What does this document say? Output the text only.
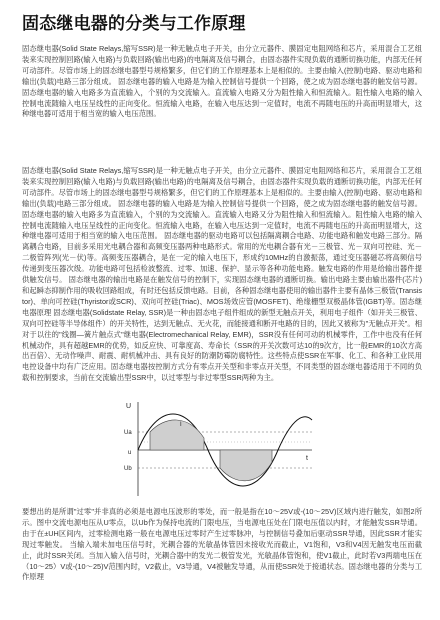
固态继电器的分类与工作原理
固态继电器(Solid State Relays,缩写SSR)是一种无触点电子开关，由分立元器件、膜固定电阻网络和芯片，采用混合工艺组装来实现控制回路(输入电路)与负载回路(输出电路)的电隔离及信号耦合，由固态器件实现负载的通断切换功能，内部无任何可动部件。尽管市场上的固态继电器型号规格繁多，但它们的工作原理基本上是相似的。主要由输入(控制)电路、驱动电路和输出(负载)电路三部分组成。 固态继电器的输入电路是为输入控制信号提供一个回路，使之成为固态继电器的触发信号源。固态继电器的输入电路多为直流输入，个别的为交流输入。直流输入电路又分为阻性输入和恒流输入。阻性输入电路的输入控制电流随输入电压呈线性的正向变化。恒流输入电路，在输入电压达到一定值时，电流不再随电压的升高而明显增大，这种继电器可适用于相当宽的输入电压范围。
固态继电器(Solid State Relays,缩写SSR)是一种无触点电子开关，由分立元器件、膜固定电阻网络和芯片，采用混合工艺组装来实现控制回路(输入电路)与负载回路(输出电路)的电隔离及信号耦合，由固态器件实现负载的通断切换功能，内部无任何可动部件。尽管市场上的固态继电器型号规格繁多，但它们的工作原理基本上是相似的。主要由输入(控制)电路、驱动电路和输出(负载)电路三部分组成。 固态继电器的输入电路是为输入控制信号提供一个回路，使之成为固态继电器的触发信号源。固态继电器的输入电路多为直流输入，个别的为交流输入。直流输入电路又分为阻性输入和恒流输入。阻性输入电路的输入控制电流随输入电压呈线性的正向变化。恒流输入电路，在输入电压达到一定值时，电流不再随电压的升高而明显增大，这种继电器可适用于相当宽的输入电压范围。 固态继电器的驱动电路可以包括隔离耦合电路、功能电路和触发电路三部分。隔离耦合电路，目前多采用光电耦合器和高频变压器两种电路形式。常用的光电耦合器有光－三极管、光－双向可控硅、光－二极管阵列(光－伏)等。高频变压器耦合，是在一定的输入电压下，形成约10MHz的自激振荡，通过变压器磁芯将高频信号传递到变压器次级。功能电路可包括检波整流、过零、加速、保护、显示等各种功能电路。触发电路的作用是给输出器件提供触发信号。 固态继电器的输出电路是在触发信号的控制下，实现固态继电器的通断切换。输出电路主要由输出器件(芯片)和起瞬态抑制作用的吸收回路组成，有时还包括反馈电路。目前，各种固态继电器使用的输出器件主要有晶体三极管(Transistor)、单向可控硅(Thyristor或SCR)、双向可控硅(Triac)、MOS场效应管(MOSFET)、绝缘栅型双极晶体管(IGBT)等。固态继电器原理 固态继电器(Solidstate Relay, SSR)是一种由固态电子组件组成的新型无触点开关，利用电子组件（如开关三极管、双向可控硅等半导体组件）的开关特性，达到无触点、无火花，而能接通和断开电路的目的，因此又被称为"无触点开关"。相对于以往的"线圈—簧片触点式"继电器(Electromechanical Relay, EMR)，SSR没有任何可动的机械零件，工作中也没有任何机械动作，具有超越EMR的优势，如反应快、可靠度高、寿命长（SSR的开关次数可达10的9次方，比一般EMR的10次方高出百倍）、无动作噪声、耐震、耐机械冲击、具有良好的防潮防霉防腐特性。这些特点使SSR在军事、化工、和各种工业民用电控设备中均有广泛应用。固态继电器按控制方式分有零点开关型和非零点开关型，不同类型的固态继电器适用于不同的负载和控制要求，当前在交流输出型SSR中，以过零型与非过零型SSR两种为主。
U
Ua
u
Ub
I
t
要想出的是所谓"过零"并非真的必须是电源电压波形的零处，而一般是指在10～25V或-(10～25V)区域内进行触发，如图2所示。图中交流电源电压从U零点，以Ub作为保持电流的门限电压，当电源电压处在门限电压值以内时，才能触发SSR导通。由于在±UH区间内，过零检测电路一般在电源电压过零时产生过零脉冲，与控制信号叠加后驱动SSR导通，因此SSR才能实现过零触发。 当输入端未加电压信号时，光耦合器的光敏晶体管因未接收光而截止，V1饱和，V3和V4因无触发电压而截止，此时SSR关闭。当加入输入信号时，光耦合器中的发光二极管发光，光敏晶体管饱和，使V1截止，此时若V3两端电压在（10～25）V或-(10～25)V范围内时，V2截止，V3导通，V4被触发导通，从而使SSR处于接通状态。固态继电器的分类与工作原理
